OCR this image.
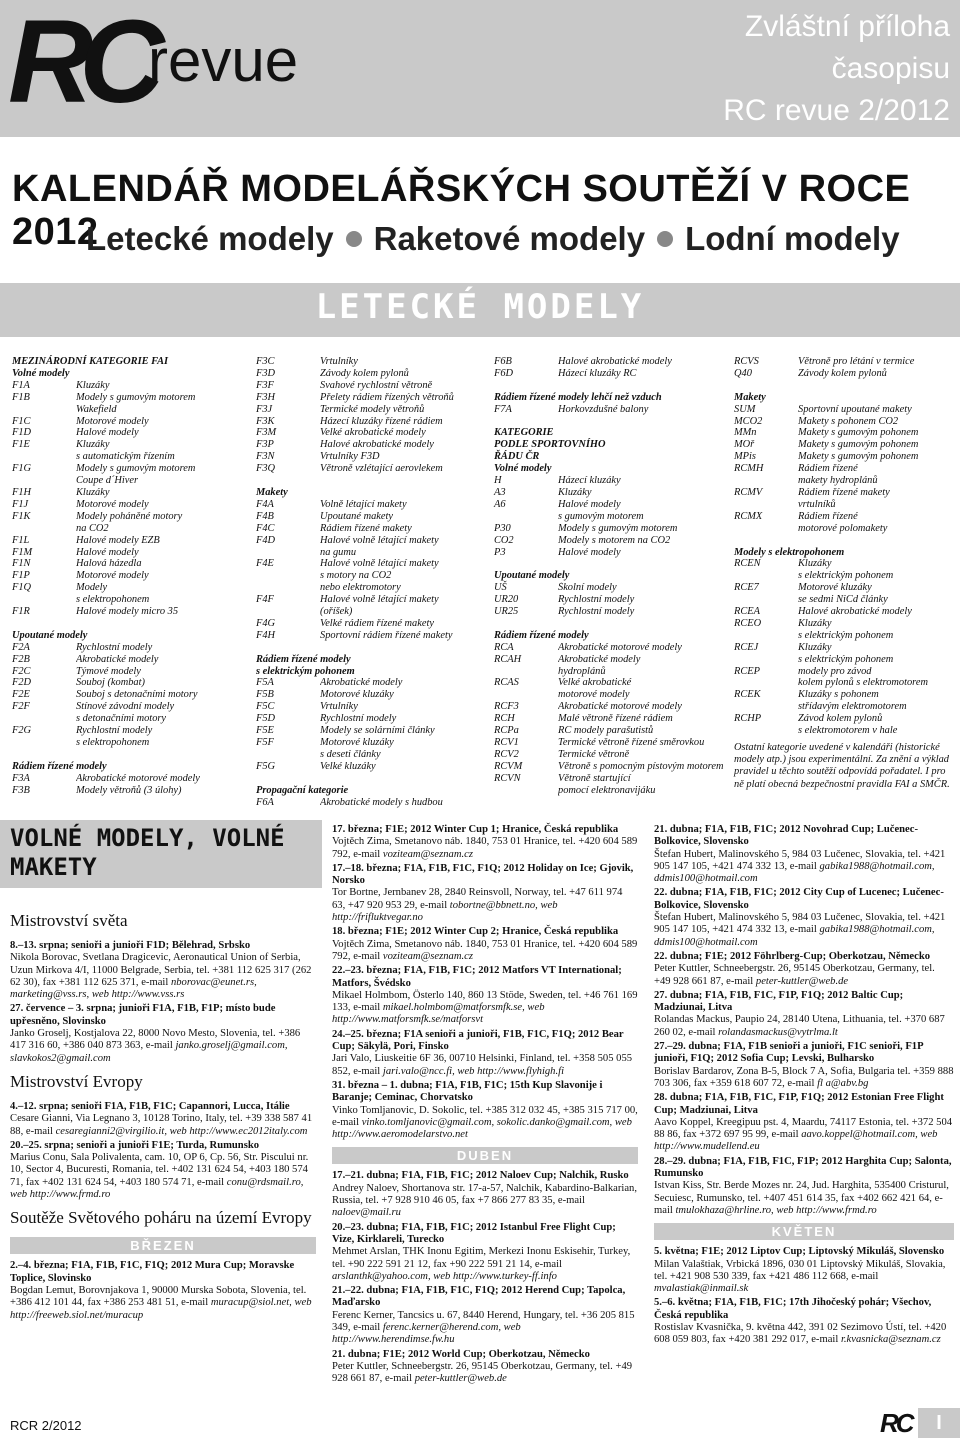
RC
revue
Zvláštní příloha
časopisu
RC revue 2/2012
KALENDÁŘ MODELÁŘSKÝCH SOUTĚŽÍ V ROCE 2012
Letecké modely Raketové modely Lodní modely
LETECKÉ MODELY
MEZINÁRODNÍ KATEGORIE FAI
Volné modely
F1A	Kluzáky
F1B	Modely s gumovým motorem

Wakefield
F1C	Motorové modely
F1D	Halové modely
F1E	Kluzáky

s automatickým řízením
F1G	Modely s gumovým motorem

Coupe d´Hiver
F1H	Kluzáky
F1J	Motorové modely
F1K	Modely poháněné motory

na CO2
F1L	Halové modely EZB
F1M	Halové modely
F1N	Halová házedla
F1P	Motorové modely
F1Q	Modely

s elektropohonem
F1R	Halové modely micro 35

Upoutané modely
F2A	Rychlostní modely
F2B	Akrobatické modely
F2C	Týmové modely
F2D	Souboj (kombat)
F2E	Souboj s detonačními motory
F2F	Stínové závodní modely

s detonačními motory
F2G	Rychlostní modely

s elektropohonem

Rádiem řízené modely
F3A	Akrobatické motorové modely
F3B	Modely větroňů (3 úlohy)
F3C	Vrtulníky
F3D	Závody kolem pylonů
F3F	Svahové rychlostní větroně
F3H	Přelety rádiem řízených větroňů
F3J	Termické modely větroňů
F3K	Házecí kluzáky řízené rádiem
F3M	Velké akrobatické modely
F3P	Halové akrobatické modely
F3N	Vrtulníky F3D
F3Q	Větroně vzlétající aerovlekem

Makety
F4A	Volně létající makety
F4B	Upoutané makety
F4C	Rádiem řízené makety
F4D	Halové volně létající makety

na gumu
F4E	Halové volně létající makety

s motory na CO2

nebo elektromotory
F4F	Halové volně létající makety

(oříšek)
F4G	Velké rádiem řízené makety
F4H	Sportovní rádiem řízené makety

Rádiem řízené modely
s elektrickým pohonem
F5A	Akrobatické modely
F5B	Motorové kluzáky
F5C	Vrtulníky
F5D	Rychlostní modely
F5E	Modely se solárními články
F5F	Motorové kluzáky

s deseti články
F5G	Velké kluzáky

Propagační kategorie
F6A	Akrobatické modely s hudbou
F6B	Halové akrobatické modely
F6D	Házecí kluzáky RC

Rádiem řízené modely lehčí než vzduch
F7A	Horkovzdušné balony

KATEGORIE
PODLE SPORTOVNÍHO
ŘÁDU ČR
Volné modely
H	Házecí kluzáky
A3	Kluzáky
A6	Halové modely

s gumovým motorem
P30	Modely s gumovým motorem
CO2	Modely s motorem na CO2
P3	Halové modely

Upoutané modely
UŠ	Školní modely
UR20	Rychlostní modely
UR25	Rychlostní modely

Rádiem řízené modely
RCA	Akrobatické motorové modely
RCAH	Akrobatické modely

hydroplánů
RCAS	Velké akrobatické

motorové modely
RCF3	Akrobatické motorové modely
RCH	Malé větroně řízené rádiem
RCPa	RC modely parašutistů
RCV1	Termické větroně řízené směrovkou
RCV2	Termické větroně
RCVM	Větroně s pomocným pístovým motorem
RCVN	Větroně startující

pomocí elektronavijáku
RCVS	Větroně pro létání v termice
Q40	Závody kolem pylonů

Makety
SUM	Sportovní upoutané makety
MCO2	Makety s pohonem CO2
MMn	Makety s gumovým pohonem
MOř	Makety s gumovým pohonem
MPis	Makety s gumovým pohonem
RCMH	Rádiem řízené

makety hydroplánů
RCMV	Rádiem řízené makety

vrtulníků
RCMX	Rádiem řízené

motorové polomakety

Modely s elektropohonem
RCEN	Kluzáky

s elektrickým pohonem
RCE7	Motorové kluzáky

se sedmi NiCd články
RCEA	Halové akrobatické modely
RCEO	Kluzáky

s elektrickým pohonem
RCEJ	Kluzáky

s elektrickým pohonem
RCEP	modely pro závod

kolem pylonů s elektromotorem
RCEK	Kluzáky s pohonem

střídavým elektromotorem
RCHP	Závod kolem pylonů

s elektromotorem v hale
Ostatní kategorie uvedené v kalendáři (historické modely atp.) jsou experimentální. Za znění a výklad pravidel u těchto soutěží odpovídá pořadatel. I pro ně platí obecná bezpečnostní pravidla FAI a SMČR.
VOLNÉ MODELY, VOLNÉ MAKETY
Mistrovství světa
8.–13. srpna; senioři a junioři F1D; Bělehrad, Srbsko
Nikola Borovac, Svetlana Dragicevic, Aeronautical Union of Serbia, Uzun Mirkova 4/I, 11000 Belgrade, Serbia, tel. +381 112 625 317 (262 62 30), fax +381 112 625 371, e-mail nborovac@eunet.rs, marketing@vss.rs, web http://www.vss.rs
27. července – 3. srpna; junioři F1A, F1B, F1P; místo bude upřesněno, Slovinsko
Janko Groselj, Kostjalova 22, 8000 Novo Mesto, Slovenia, tel. +386 417 316 60, +386 040 873 363, e-mail janko.groselj@gmail.com, slavkokos2@gmail.com
Mistrovství Evropy
4.–12. srpna; senioři F1A, F1B, F1C; Capannori, Lucca, Itálie
Cesare Gianni, Via Legnano 3, 10128 Torino, Italy, tel. +39 338 587 41 88, e-mail cesaregianni2@virgilio.it, web http://www.ec2012italy.com
20.–25. srpna; senioři a junioři F1E; Turda, Rumunsko
Marius Conu, Sala Polivalenta, cam. 10, OP 6, Cp. 56, Str. Piscului nr. 10, Sector 4, Bucuresti, Romania, tel. +402 131 624 54, +403 180 574 71, fax +402 131 624 54, +403 180 574 71, e-mail conu@rdsmail.ro, web http://www.frmd.ro
Soutěže Světového poháru na území Evropy
BŘEZEN
2.–4. března; F1A, F1B, F1C, F1Q; 2012 Mura Cup; Moravske Toplice, Slovinsko
Bogdan Lemut, Borovnjakova 1, 90000 Murska Sobota, Slovenia, tel. +386 412 101 44, fax +386 253 481 51, e-mail muracup@siol.net, web http://freeweb.siol.net/muracup
17. března; F1E; 2012 Winter Cup 1; Hranice, Česká republika
Vojtěch Zima, Smetanovo náb. 1840, 753 01 Hranice, tel. +420 604 589 792, e-mail voziteam@seznam.cz
17.–18. března; F1A, F1B, F1C, F1Q; 2012 Holiday on Ice; Gjovik, Norsko
Tor Bortne, Jernbanev 28, 2840 Reinsvoll, Norway, tel. +47 611 974 63, +47 920 953 29, e-mail tobortne@bbnett.no, web http://frifluktvegar.no
18. března; F1E; 2012 Winter Cup 2; Hranice, Česká republika
Vojtěch Zima, Smetanovo náb. 1840, 753 01 Hranice, tel. +420 604 589 792, e-mail voziteam@seznam.cz
22.–23. března; F1A, F1B, F1C; 2012 Matfors VT International; Matfors, Švédsko
Mikael Holmbom, Österlo 140, 860 13 Stöde, Sweden, tel. +46 761 169 133, e-mail mikael.holmbom@matforsmfk.se, web http://www.matforsmfk.se/matforsvt
24.–25. března; F1A senioři a junioři, F1B, F1C, F1Q; 2012 Bear Cup; Säkylä, Pori, Finsko
Jari Valo, Liuskeitie 6F 36, 00710 Helsinki, Finland, tel. +358 505 055 852, e-mail jari.valo@ncc.fi, web http://www.flyhigh.fi
31. března – 1. dubna; F1A, F1B, F1C; 15th Kup Slavonije i Baranje; Ceminac, Chorvatsko
Vinko Tomljanovic, D. Sokolic, tel. +385 312 032 45, +385 315 717 00, e-mail vinko.tomljanovic@gmail.com, sokolic.danko@gmail.com, web http://www.aeromodelarstvo.net
DUBEN
17.–21. dubna; F1A, F1B, F1C; 2012 Naloev Cup; Nalchik, Rusko
Andrey Naloev, Shortanova str. 17-a-57, Nalchik, Kabardino-Balkarian, Russia, tel. +7 928 910 46 05, fax +7 866 277 83 35, e-mail naloev@mail.ru
20.–23. dubna; F1A, F1B, F1C; 2012 Istanbul Free Flight Cup; Vize, Kirklareli, Turecko
Mehmet Arslan, THK Inonu Egitim, Merkezi Inonu Eskisehir, Turkey, tel. +90 222 591 21 12, fax +90 222 591 21 14, e-mail arslanthk@yahoo.com, web http://www.turkey-ff.info
21.–22. dubna; F1A, F1B, F1C, F1Q; 2012 Herend Cup; Tapolca, Maďarsko
Ferenc Kerner, Tancsics u. 67, 8440 Herend, Hungary, tel. +36 205 815 349, e-mail ferenc.kerner@herend.com, web http://www.herendimse.fw.hu
21. dubna; F1E; 2012 World Cup; Oberkotzau, Německo
Peter Kuttler, Schneebergstr. 26, 95145 Oberkotzau, Germany, tel. +49 928 661 87, e-mail peter-kuttler@web.de
21. dubna; F1A, F1B, F1C; 2012 Novohrad Cup; Lučenec-Bolkovice, Slovensko
Štefan Hubert, Malinovského 5, 984 03 Lučenec, Slovakia, tel. +421 905 147 105, +421 474 332 13, e-mail gabika1988@hotmail.com, ddmis100@hotmail.com
22. dubna; F1A, F1B, F1C; 2012 City Cup of Lucenec; Lučenec-Bolkovice, Slovensko
Štefan Hubert, Malinovského 5, 984 03 Lučenec, Slovakia, tel. +421 905 147 105, +421 474 332 13, e-mail gabika1988@hotmail.com, ddmis100@hotmail.com
22. dubna; F1E; 2012 Föhrlberg-Cup; Oberkotzau, Německo
Peter Kuttler, Schneebergstr. 26, 95145 Oberkotzau, Germany, tel. +49 928 661 87, e-mail peter-kuttler@web.de
27. dubna; F1A, F1B, F1C, F1P, F1Q; 2012 Baltic Cup; Madziunai, Litva
Rolandas Mackus, Paupio 24, 28140 Utena, Lithuania, tel. +370 687 260 02, e-mail rolandasmackus@vytrlma.lt
27.–29. dubna; F1A, F1B senioři a junioři, F1C senioři, F1P junioři, F1Q; 2012 Sofia Cup; Levski, Bulharsko
Borislav Bardarov, Zona B-5, Block 7 A, Sofia, Bulgaria tel. +359 888 703 306, fax +359 618 607 72, e-mail fl a@abv.bg
28. dubna; F1A, F1B, F1C, F1P, F1Q; 2012 Estonian Free Flight Cup; Madziunai, Litva
Aavo Koppel, Kreegipuu pst. 4, Maardu, 74117 Estonia, tel. +372 504 88 86, fax +372 697 95 99, e-mail aavo.koppel@hotmail.com, web http://www.mudellend.eu
28.–29. dubna; F1A, F1B, F1C, F1P; 2012 Harghita Cup; Salonta, Rumunsko
Istvan Kiss, Str. Berde Mozes nr. 24, Jud. Harghita, 535400 Cristurul, Secuiesc, Rumunsko, tel. +407 451 614 35, fax +402 662 421 64, e-mail tmulokhaza@hrline.ro, web http://www.frmd.ro
KVĚTEN
5. května; F1E; 2012 Liptov Cup; Liptovský Mikuláš, Slovensko
Milan Valaštiak, Vrbická 1896, 030 01 Liptovský Mikuláš, Slovakia, tel. +421 908 530 339, fax +421 486 112 668, e-mail mvalastiak@inmail.sk
5.–6. května; F1A, F1B, F1C; 17th Jihočeský pohár; Všechov, Česká republika
Rostislav Kvasnička, 9. května 442, 391 02 Sezimovo Ústí, tel. +420 608 059 803, fax +420 381 292 017, e-mail r.kvasnicka@seznam.cz
RCR 2/2012	RC	I
